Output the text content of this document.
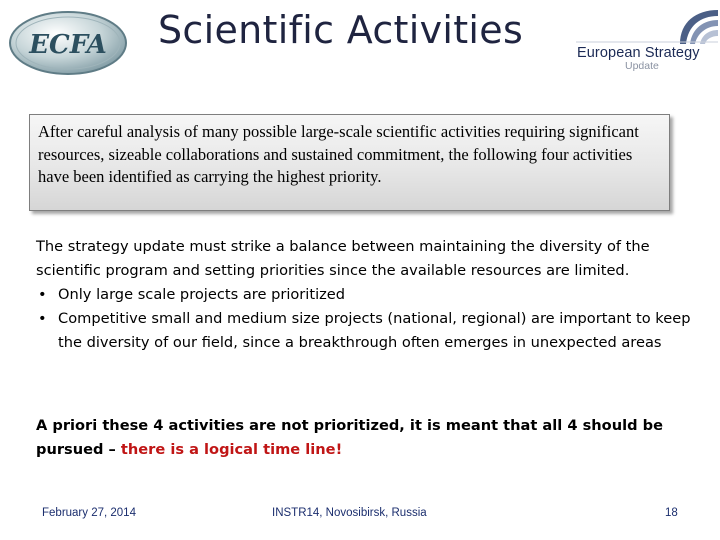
ECFA Scientific Activities
European Strategy
Update
After careful analysis of many possible large-scale scientific activities requiring significant resources, sizeable collaborations and sustained commitment, the following four activities have been identified as carrying the highest priority.

The strategy update must strike a balance between maintaining the diversity of the scientific program and setting priorities since the available resources are limited.

• Only large scale projects are prioritized
• Competitive small and medium size projects (national, regional) are important to keep the diversity of our field, since a breakthrough often emerges in unexpected areas
A priori these 4 activities are not prioritized, it is meant that all 4 should be pursued – there is a logical time line!
February 27, 2014	INSTR14, Novosibirsk, Russia	18
